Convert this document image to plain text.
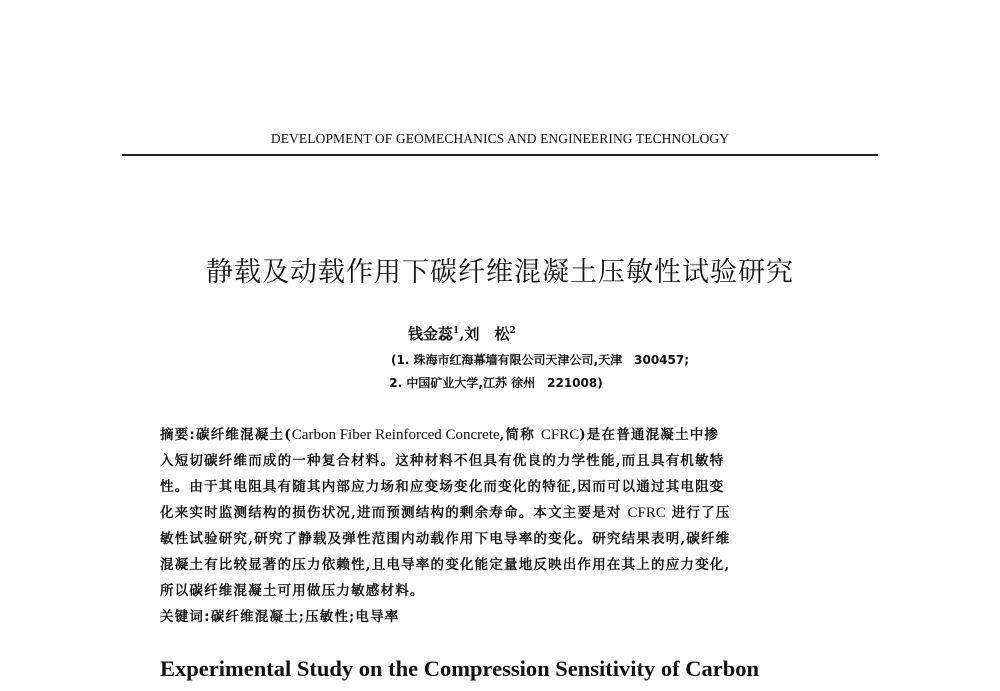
DEVELOPMENT OF GEOMECHANICS AND ENGINEERING TECHNOLOGY
静载及动载作用下碳纤维混凝土压敏性试验研究
钱金蕊$^1$,刘　松$^2$
(1. 珠海市红海幕墙有限公司天津公司,天津　300457;
2. 中国矿业大学,江苏 徐州　221008)
摘要:碳纤维混凝土(Carbon Fiber Reinforced Concrete,简称 CFRC)是在普通混凝土中掺
入短切碳纤维而成的一种复合材料。这种材料不但具有优良的力学性能,而且具有机敏特
性。由于其电阻具有随其内部应力场和应变场变化而变化的特征,因而可以通过其电阻变
化来实时监测结构的损伤状况,进而预测结构的剩余寿命。本文主要是对 CFRC 进行了压
敏性试验研究,研究了静载及弹性范围内动载作用下电导率的变化。研究结果表明,碳纤维
混凝土有比较显著的压力依赖性,且电导率的变化能定量地反映出作用在其上的应力变化,
所以碳纤维混凝土可用做压力敏感材料。
关键词:碳纤维混凝土;压敏性;电导率
Experimental Study on the Compression Sensitivity of Carbon
